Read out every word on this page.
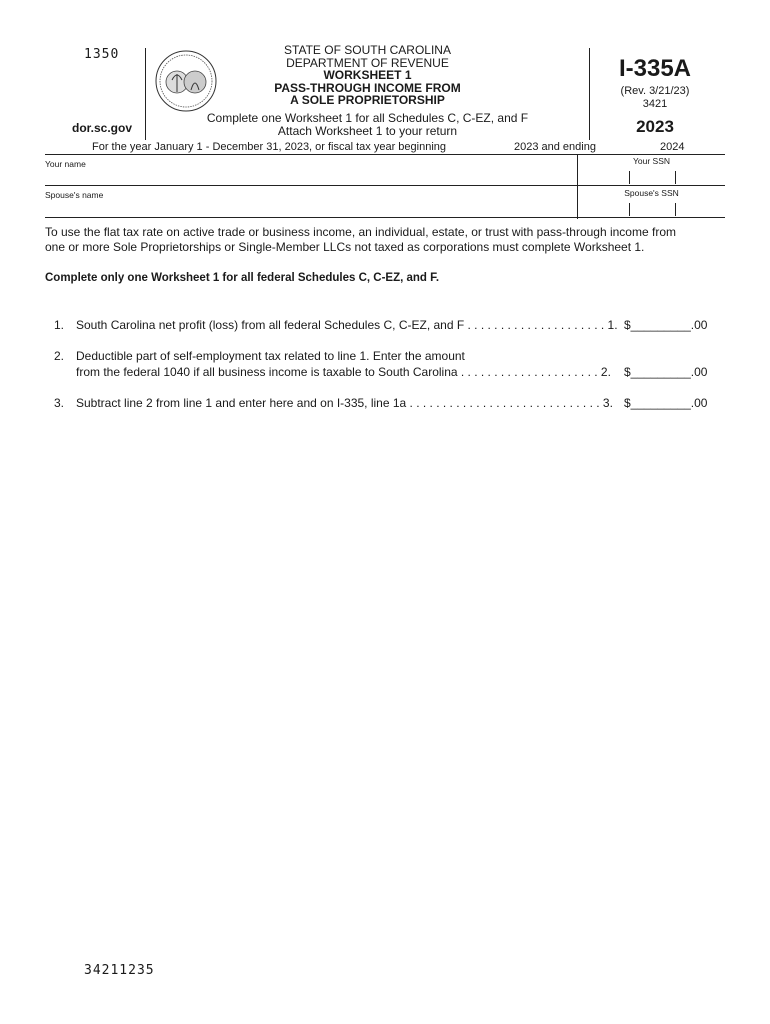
1350
dor.sc.gov
STATE OF SOUTH CAROLINA
DEPARTMENT OF REVENUE
WORKSHEET 1
PASS-THROUGH INCOME FROM
A SOLE PROPRIETORSHIP
Complete one Worksheet 1 for all Schedules C, C-EZ, and F
Attach Worksheet 1 to your return
I-335A
(Rev. 3/21/23)
3421
2023
For the year January 1 - December 31, 2023, or fiscal tax year beginning	2023 and ending	2024
Your name	Your SSN
Spouse's name	Spouse's SSN
To use the flat tax rate on active trade or business income, an individual, estate, or trust with pass-through income from
one or more Sole Proprietorships or Single-Member LLCs not taxed as corporations must complete Worksheet 1.
Complete only one Worksheet 1 for all federal Schedules C, C-EZ, and F.
1. South Carolina net profit (loss) from all federal Schedules C, C-EZ, and F . . . . . . . . . . . . . . . . . . . . . 1. $_________.00
2. Deductible part of self-employment tax related to line 1. Enter the amount
from the federal 1040 if all business income is taxable to South Carolina . . . . . . . . . . . . . . . . . . . . . 2. $_________.00
3. Subtract line 2 from line 1 and enter here and on I-335, line 1a . . . . . . . . . . . . . . . . . . . . . . . . . . . . . 3. $_________.00
34211235
